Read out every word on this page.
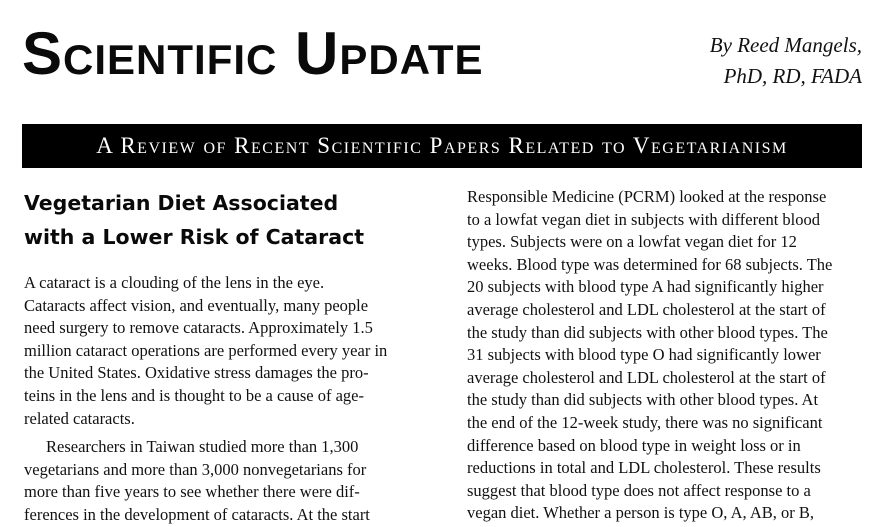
Scientific Update	By Reed Mangels,
PhD, RD, FADA
A Review of Recent Scientific Papers Related to Vegetarianism
Vegetarian Diet Associated
with a Lower Risk of Cataract

A cataract is a clouding of the lens in the eye.
Cataracts affect vision, and eventually, many people
need surgery to remove cataracts. Approximately 1.5
million cataract operations are performed every year in
the United States. Oxidative stress damages the pro-
teins in the lens and is thought to be a cause of age-
related cataracts.

Researchers in Taiwan studied more than 1,300
vegetarians and more than 3,000 nonvegetarians for
more than five years to see whether there were dif-
ferences in the development of cataracts. At the start

Responsible Medicine (PCRM) looked at the response
to a lowfat vegan diet in subjects with different blood
types. Subjects were on a lowfat vegan diet for 12
weeks. Blood type was determined for 68 subjects. The
20 subjects with blood type A had significantly higher
average cholesterol and LDL cholesterol at the start of
the study than did subjects with other blood types. The
31 subjects with blood type O had significantly lower
average cholesterol and LDL cholesterol at the start of
the study than did subjects with other blood types. At
the end of the 12-week study, there was no significant
difference based on blood type in weight loss or in
reductions in total and LDL cholesterol. These results
suggest that blood type does not affect response to a
vegan diet. Whether a person is type O, A, AB, or B,
